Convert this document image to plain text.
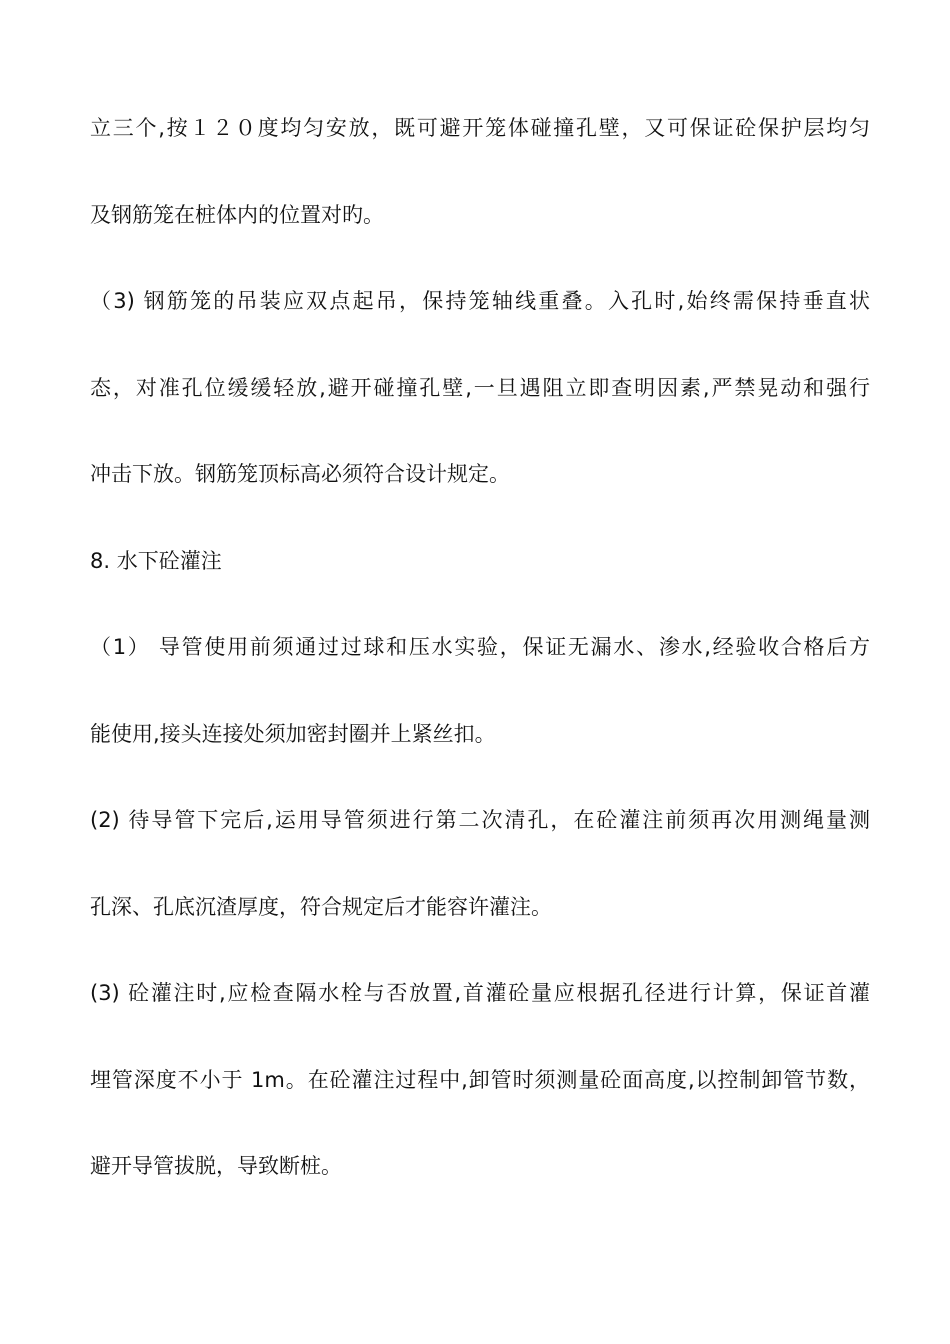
立三个,按１２０度均匀安放，既可避开笼体碰撞孔壁，又可保证砼保护层均匀
及钢筋笼在桩体内的位置对旳。
（3) 钢筋笼的吊装应双点起吊，保持笼轴线重叠。入孔时,始终需保持垂直状
态，对准孔位缓缓轻放,避开碰撞孔壁,一旦遇阻立即查明因素,严禁晃动和强行
冲击下放。钢筋笼顶标高必须符合设计规定。
8. 水下砼灌注
（1） 导管使用前须通过过球和压水实验，保证无漏水、渗水,经验收合格后方
能使用,接头连接处须加密封圈并上紧丝扣。
(2) 待导管下完后,运用导管须进行第二次清孔，在砼灌注前须再次用测绳量测
孔深、孔底沉渣厚度，符合规定后才能容许灌注。
(3) 砼灌注时,应检查隔水栓与否放置,首灌砼量应根据孔径进行计算，保证首灌
埋管深度不小于 1m。在砼灌注过程中,卸管时须测量砼面高度,以控制卸管节数，
避开导管拔脱，导致断桩。
